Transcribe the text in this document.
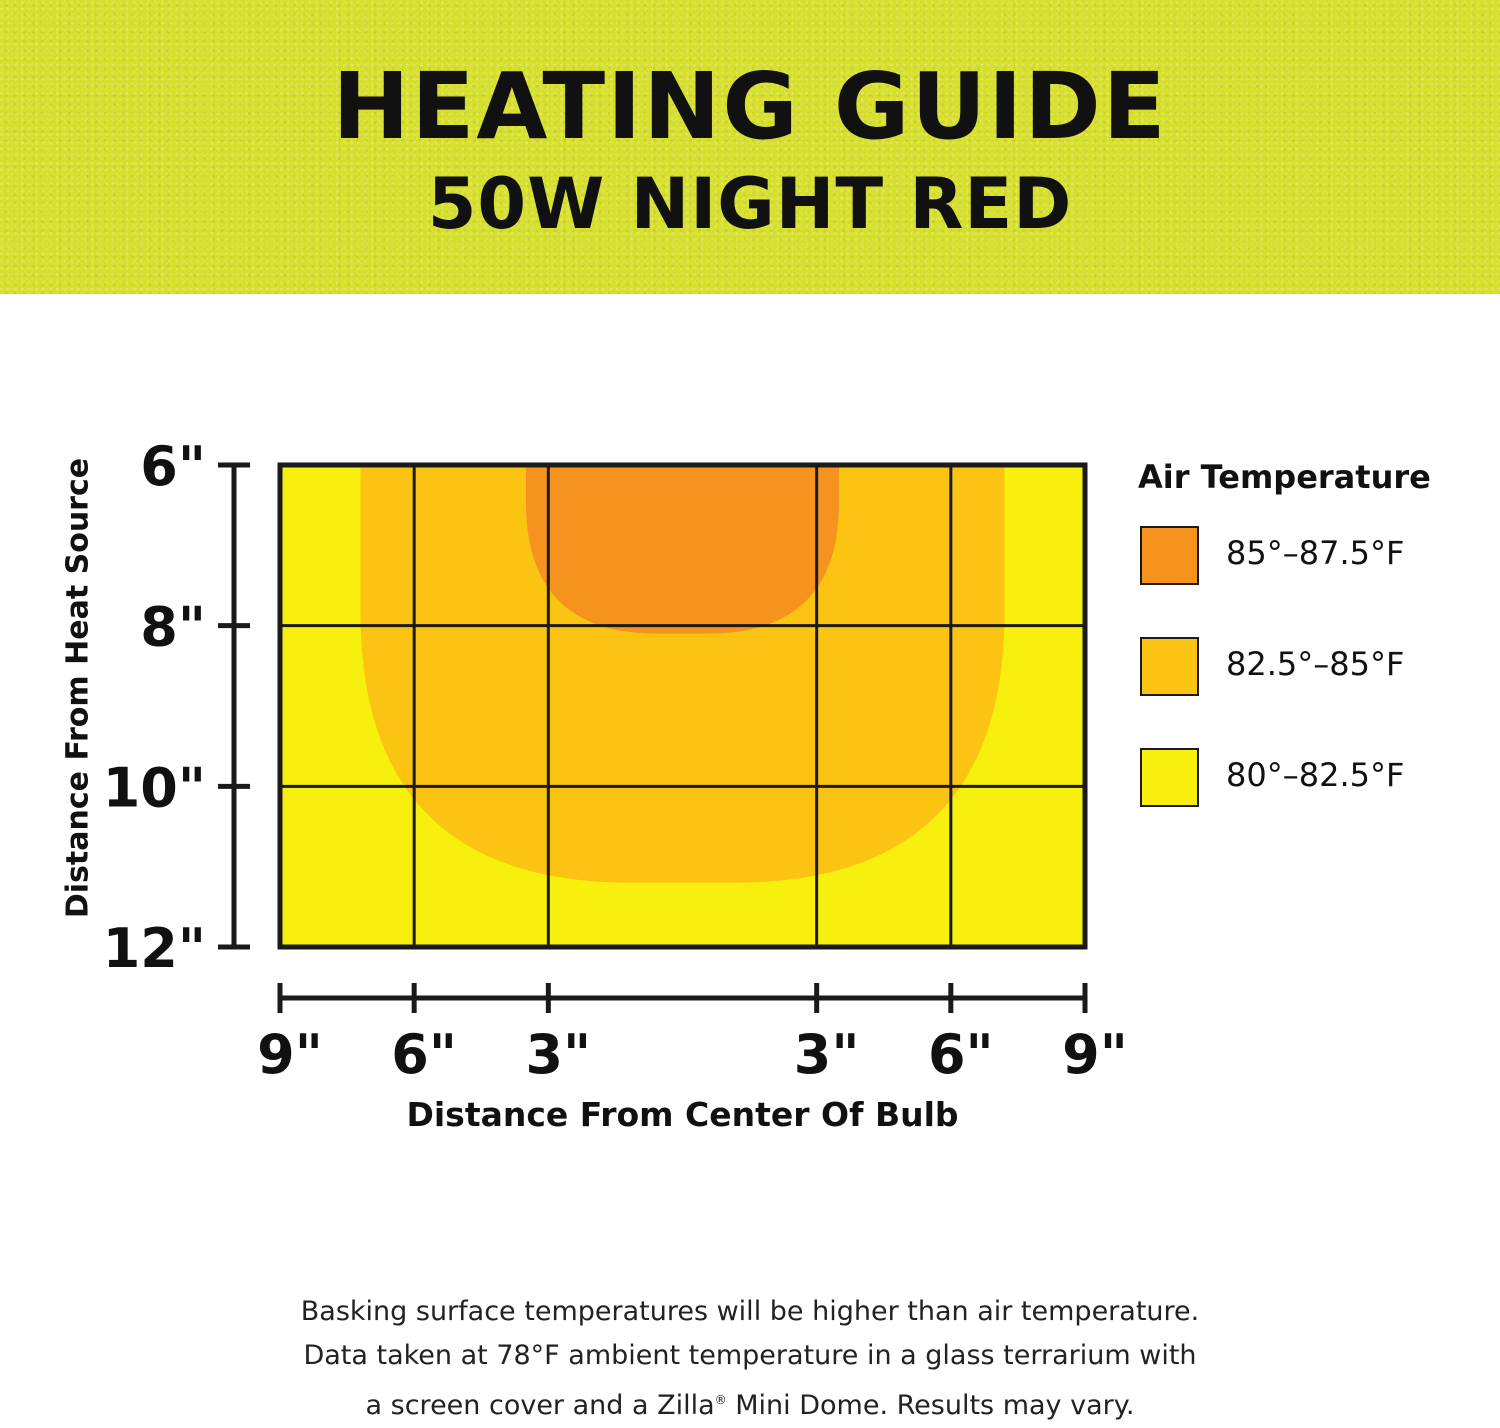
HEATING GUIDE
50W NIGHT RED
6"
8"
10"
12"
9" 6" 3"	3" 6" 9"
Distance From Heat Source
Distance From Center Of Bulb
Air Temperature
85°–87.5°F
82.5°–85°F
80°–82.5°F
Basking surface temperatures will be higher than air temperature.
Data taken at 78°F ambient temperature in a glass terrarium with
a screen cover and a Zilla® Mini Dome. Results may vary.
